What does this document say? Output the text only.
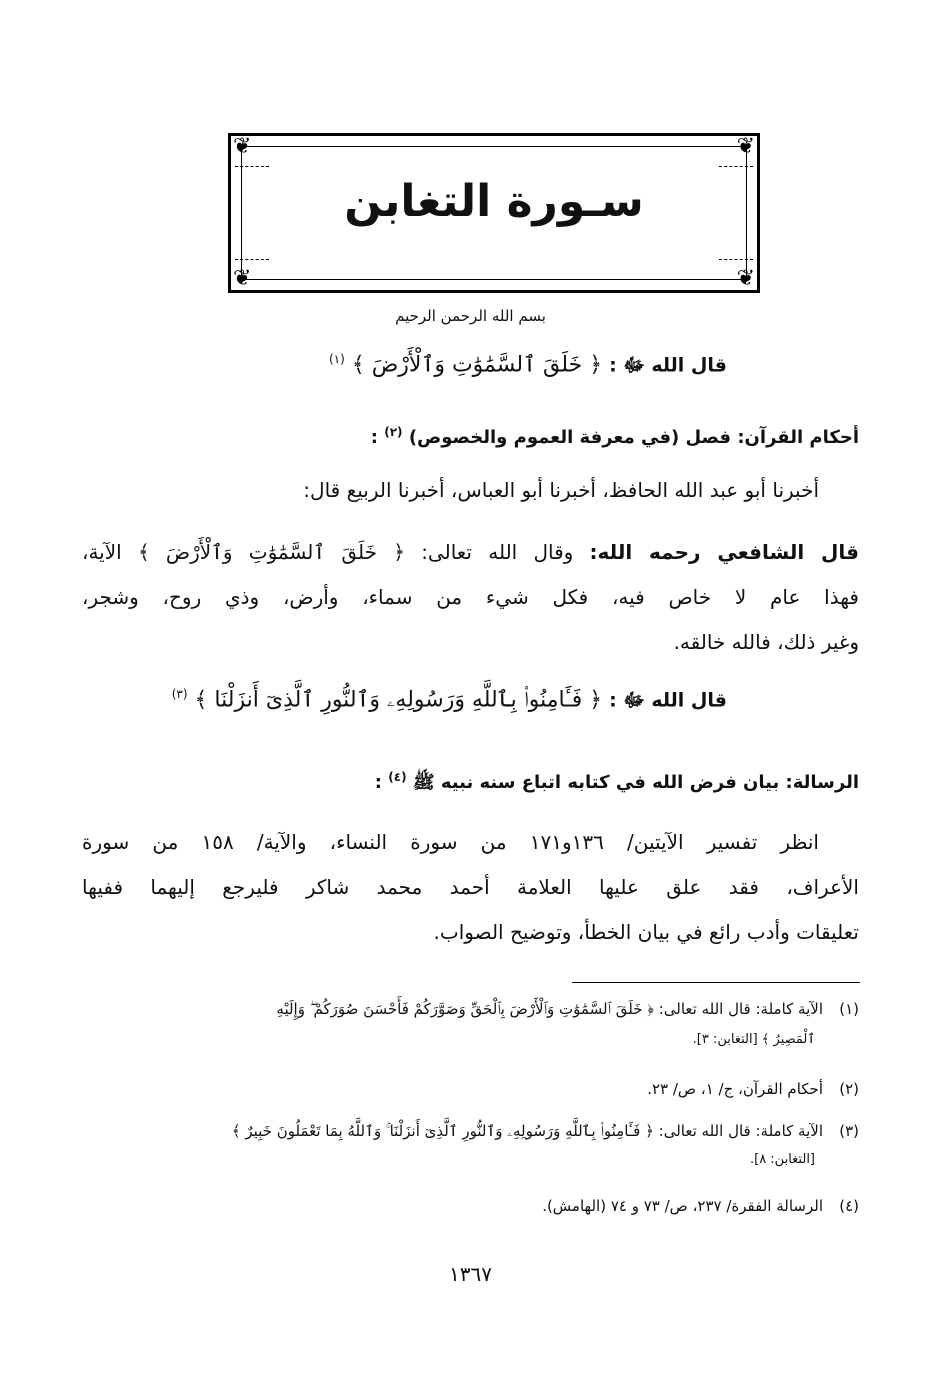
❦	❦
❦	❦
سـورة التغابن
بسم الله الرحمن الرحيم
قال الله ﷻ : ﴿ خَلَقَ ٱلسَّمَٰوَٰتِ وَٱلْأَرْضَ ﴾ $^{(١)}$
أحكام القرآن: فصل (في معرفة العموم والخصوص) $^{(٢)}$ :
أخبرنا أبو عبد الله الحافظ، أخبرنا أبو العباس، أخبرنا الربيع قال:
قال الشافعي رحمه الله: وقال الله تعالى: ﴿ خَلَقَ ٱلسَّمَٰوَٰتِ وَٱلْأَرْضَ ﴾ الآية،
فهذا عام لا خاص فيه، فكل شيء من سماء، وأرض، وذي روح، وشجر،
وغير ذلك، فالله خالقه.
قال الله ﷻ : ﴿ فَـَٔامِنُوا۟ بِٱللَّهِ وَرَسُولِهِۦ وَٱلنُّورِ ٱلَّذِىٓ أَنزَلْنَا ﴾ $^{(٣)}$
الرسالة: بيان فرض الله في كتابه اتباع سنه نبيه ﷺ $^{(٤)}$ :
انظر تفسير الآيتين/ ١٣٦و١٧١ من سورة النساء، والآية/ ١٥٨ من سورة
الأعراف، فقد علق عليها العلامة أحمد محمد شاكر فليرجع إليهما ففيها
تعليقات وأدب رائع في بيان الخطأ، وتوضيح الصواب.
(١)الآية كاملة: قال الله تعالى: ﴿ خَلَقَ ٱلسَّمَٰوَٰتِ وَٱلْأَرْضَ بِٱلْحَقِّ وَصَوَّرَكُمْ فَأَحْسَنَ صُوَرَكُمْ ۖ وَإِلَيْهِ
ٱلْمَصِيرُ ﴾ [التغابن: ٣].
(٢)أحكام القرآن، ج/ ١، ص/ ٢٣.
(٣)الآية كاملة: قال الله تعالى: ﴿ فَـَٔامِنُوا۟ بِٱللَّهِ وَرَسُولِهِۦ وَٱلنُّورِ ٱلَّذِىٓ أَنزَلْنَا ۚ وَٱللَّهُ بِمَا تَعْمَلُونَ خَبِيرٌ ﴾
[التغابن: ٨].
(٤)الرسالة الفقرة/ ٢٣٧، ص/ ٧٣ و ٧٤ (الهامش).
١٣٦٧
